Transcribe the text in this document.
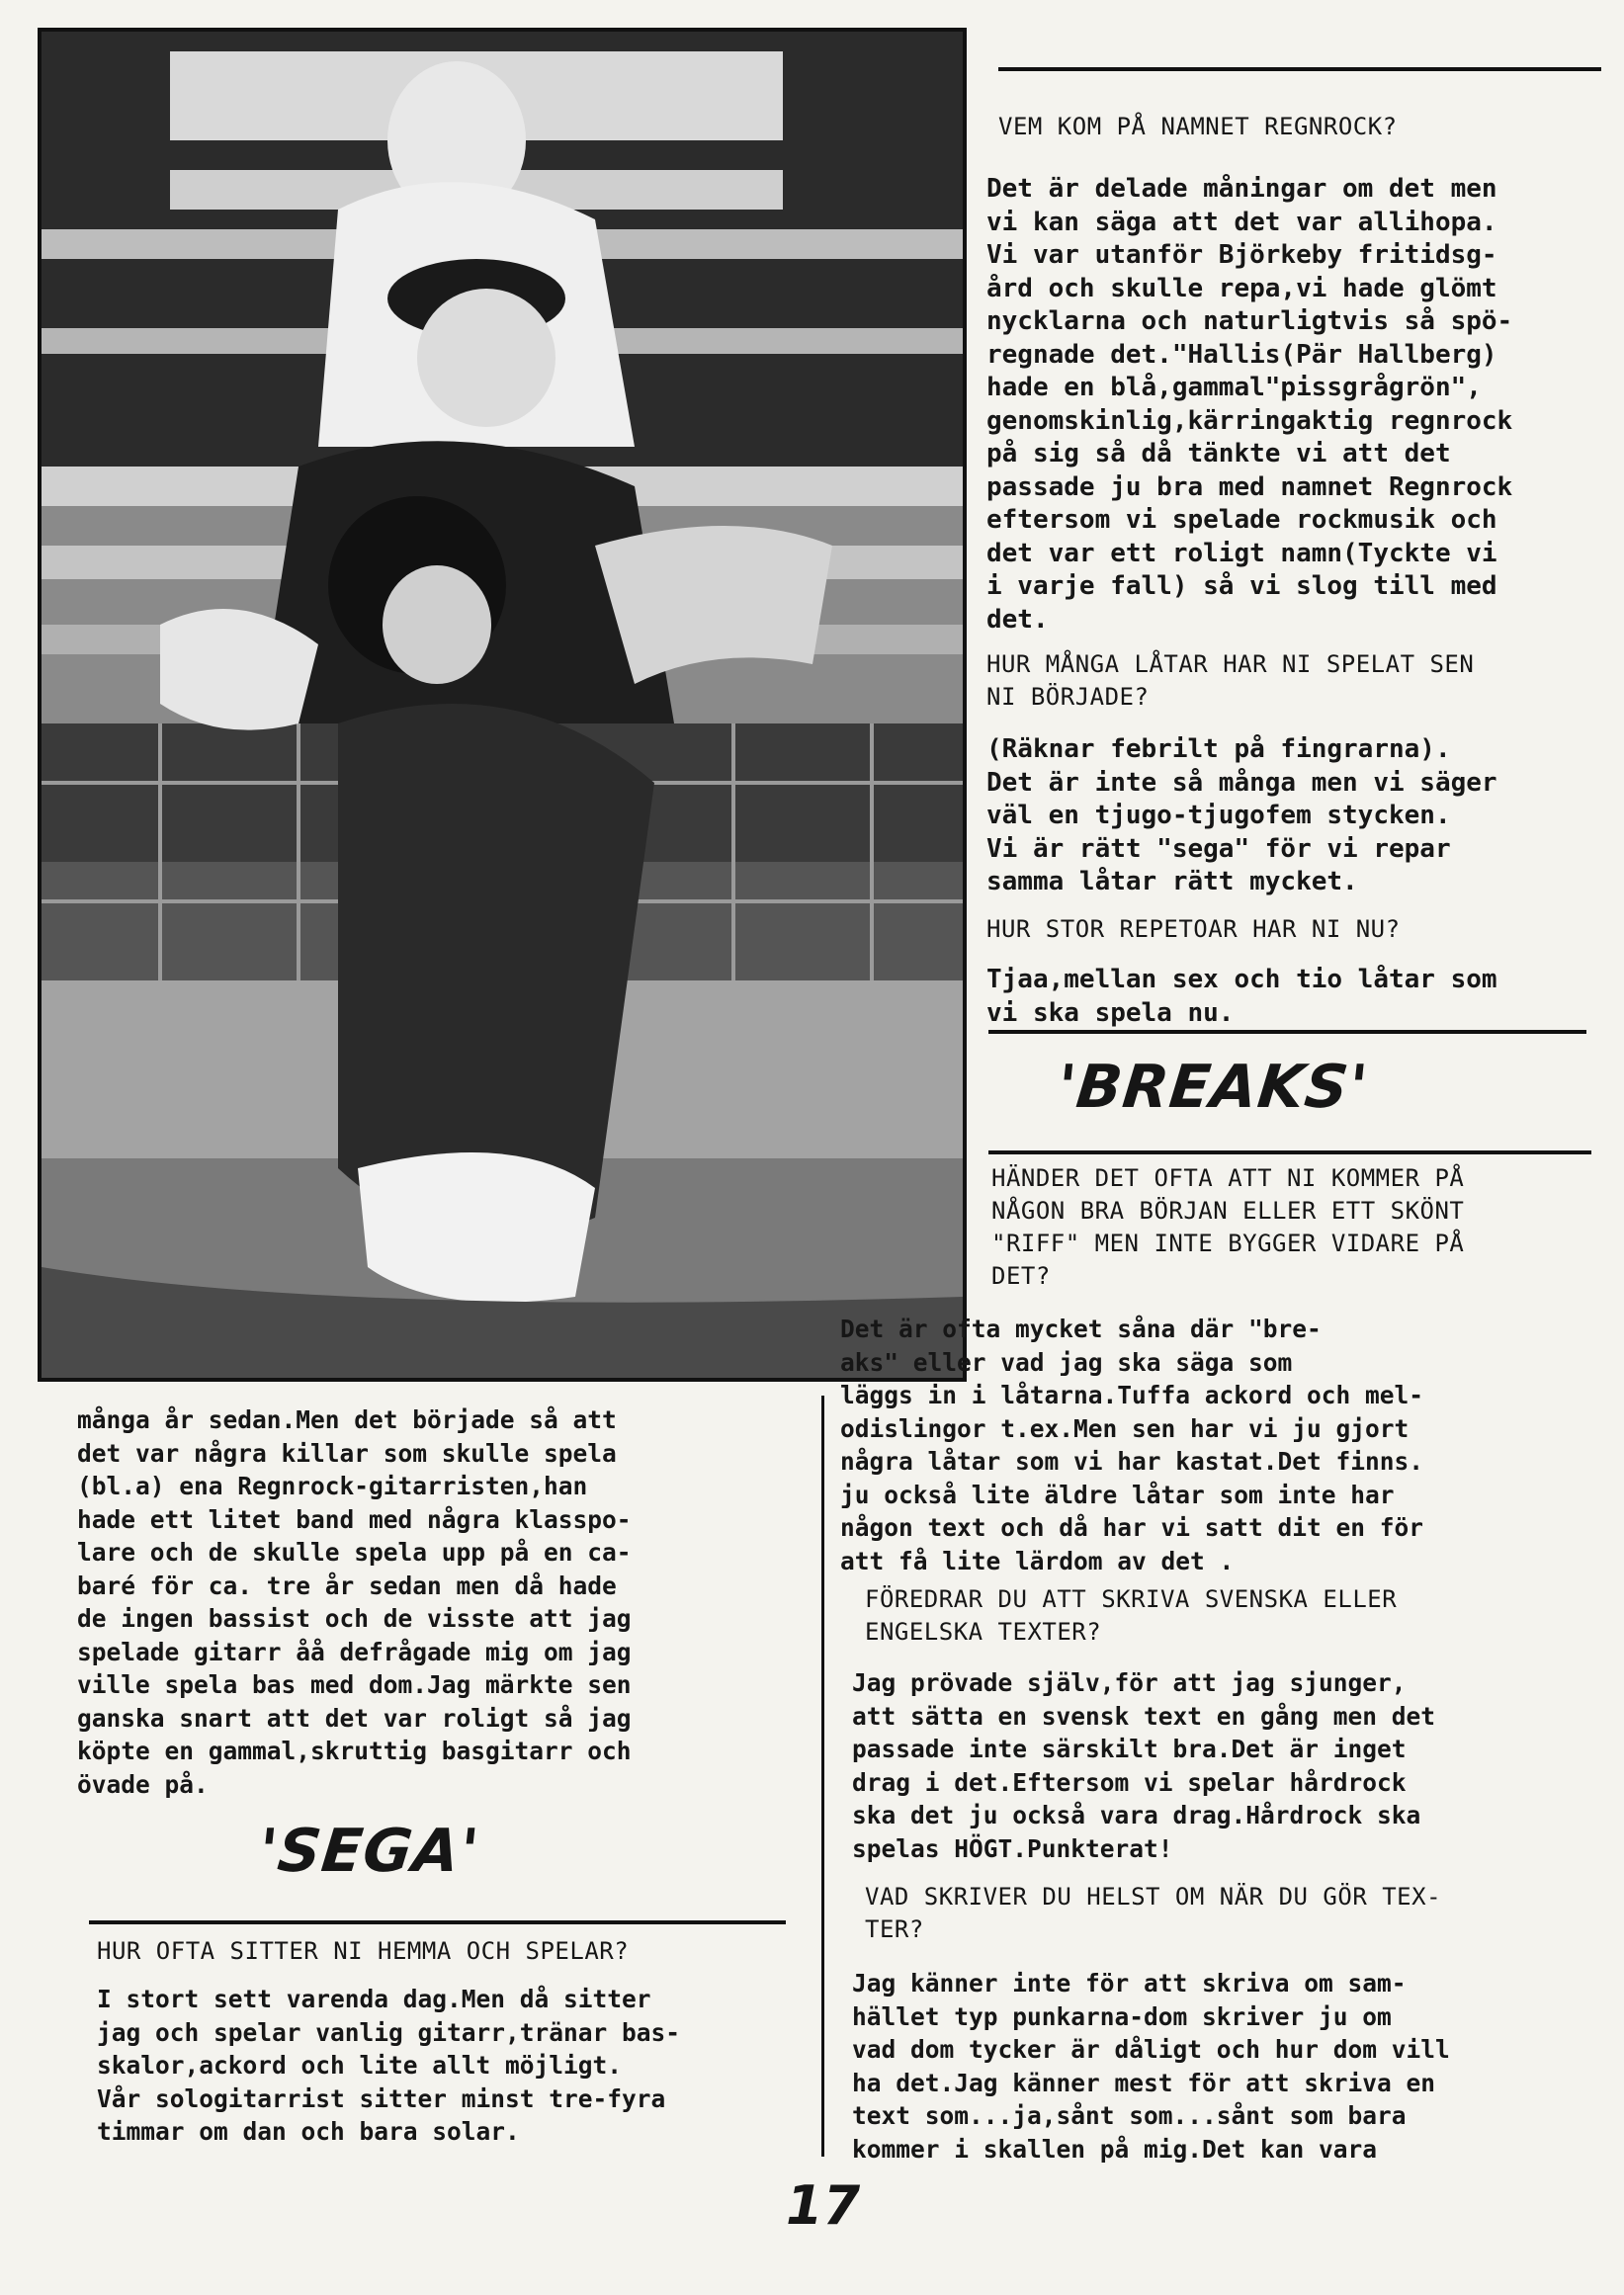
VEM KOM PÅ NAMNET REGNROCK?
Det är delade måningar om det men
vi kan säga att det var allihopa.
Vi var utanför Björkeby fritidsg-
ård och skulle repa,vi hade glömt
nycklarna och naturligtvis så spö-
regnade det."Hallis(Pär Hallberg)
hade en blå,gammal"pissgrågrön",
genomskinlig,kärringaktig regnrock
på sig så då tänkte vi att det
passade ju bra med namnet Regnrock
eftersom vi spelade rockmusik och
det var ett roligt namn(Tyckte vi
i varje fall) så vi slog till med
det.
HUR MÅNGA LÅTAR HAR NI SPELAT SEN
NI BÖRJADE?
(Räknar febrilt på fingrarna).
Det är inte så många men vi säger
väl en tjugo-tjugofem stycken.
Vi är rätt "sega" för vi repar
samma låtar rätt mycket.
HUR STOR REPETOAR HAR NI NU?
Tjaa,mellan sex och tio låtar som
vi ska spela nu.
'BREAKS'
HÄNDER DET OFTA ATT NI KOMMER PÅ
NÅGON BRA BÖRJAN ELLER ETT SKÖNT
"RIFF" MEN INTE BYGGER VIDARE PÅ
DET?
Det är ofta mycket såna där "bre-
aks" eller vad jag ska säga som
läggs in i låtarna.Tuffa ackord och mel-
odislingor t.ex.Men sen har vi ju gjort
några låtar som vi har kastat.Det finns.
ju också lite äldre låtar som inte har
någon text och då har vi satt dit en för
att få lite lärdom av det .
FÖREDRAR DU ATT SKRIVA SVENSKA ELLER
ENGELSKA TEXTER?
Jag prövade själv,för att jag sjunger,
att sätta en svensk text en gång men det
passade inte särskilt bra.Det är inget
drag i det.Eftersom vi spelar hårdrock
ska det ju också vara drag.Hårdrock ska
spelas HÖGT.Punkterat!
VAD SKRIVER DU HELST OM NÄR DU GÖR TEX-
TER?
Jag känner inte för att skriva om sam-
hället typ punkarna-dom skriver ju om
vad dom tycker är dåligt och hur dom vill
ha det.Jag känner mest för att skriva en
text som...ja,sånt som...sånt som bara
kommer i skallen på mig.Det kan vara
många år sedan.Men det började så att
det var några killar som skulle spela
(bl.a) ena Regnrock-gitarristen,han
hade ett litet band med några klasspo-
lare och de skulle spela upp på en ca-
baré för ca. tre år sedan men då hade
de ingen bassist och de visste att jag
spelade gitarr åå defrågade mig om jag
ville spela bas med dom.Jag märkte sen
ganska snart att det var roligt så jag
köpte en gammal,skruttig basgitarr och
övade på.
'SEGA'
HUR OFTA SITTER NI HEMMA OCH SPELAR?
I stort sett varenda dag.Men då sitter
jag och spelar vanlig gitarr,tränar bas-
skalor,ackord och lite allt möjligt.
Vår sologitarrist sitter minst tre-fyra
timmar om dan och bara solar.
17
